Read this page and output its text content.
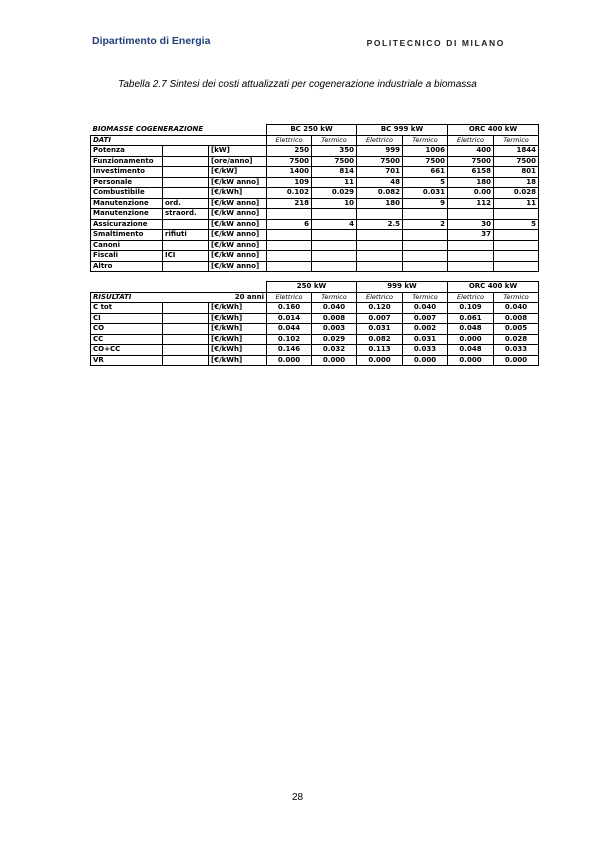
Dipartimento di Energia	POLITECNICO DI MILANO
Tabella 2.7 Sintesi dei costi attualizzati per cogenerazione industriale a biomassa
BIOMASSE COGENERAZIONE			BC 250 kW		BC 999 kW		ORC 400 kW	
DATI			Elettrico	Termico	Elettrico	Termico	Elettrico	Termico
Potenza		[kW]	250	350	999	1006	400	1844
Funzionamento		[ore/anno]	7500	7500	7500	7500	7500	7500
Investimento		[€/kW]	1400	814	701	661	6158	801
Personale		[€/kW anno]	109	11	48	5	180	18
Combustibile		[€/kWh]	0.102	0.029	0.082	0.031	0.00	0.028
Manutenzione	ord.	[€/kW anno]	218	10	180	9	112	11
Manutenzione	straord.	[€/kW anno]						
Assicurazione		[€/kW anno]	6	4	2.5	2	30	5
Smaltimento	rifiuti	[€/kW anno]					37	
Canoni		[€/kW anno]						
Fiscali	ICI	[€/kW anno]						
Altro		[€/kW anno]						
			250 kW		999 kW		ORC 400 kW	
RISULTATI		20 anni	Elettrico	Termico	Elettrico	Termico	Elettrico	Termico
C tot		[€/kWh]	0.160	0.040	0.120	0.040	0.109	0.040
CI		[€/kWh]	0.014	0.008	0.007	0.007	0.061	0.008
CO		[€/kWh]	0.044	0.003	0.031	0.002	0.048	0.005
CC		[€/kWh]	0.102	0.029	0.082	0.031	0.000	0.028
CO+CC		[€/kWh]	0.146	0.032	0.113	0.033	0.048	0.033
VR		[€/kWh]	0.000	0.000	0.000	0.000	0.000	0.000
28
